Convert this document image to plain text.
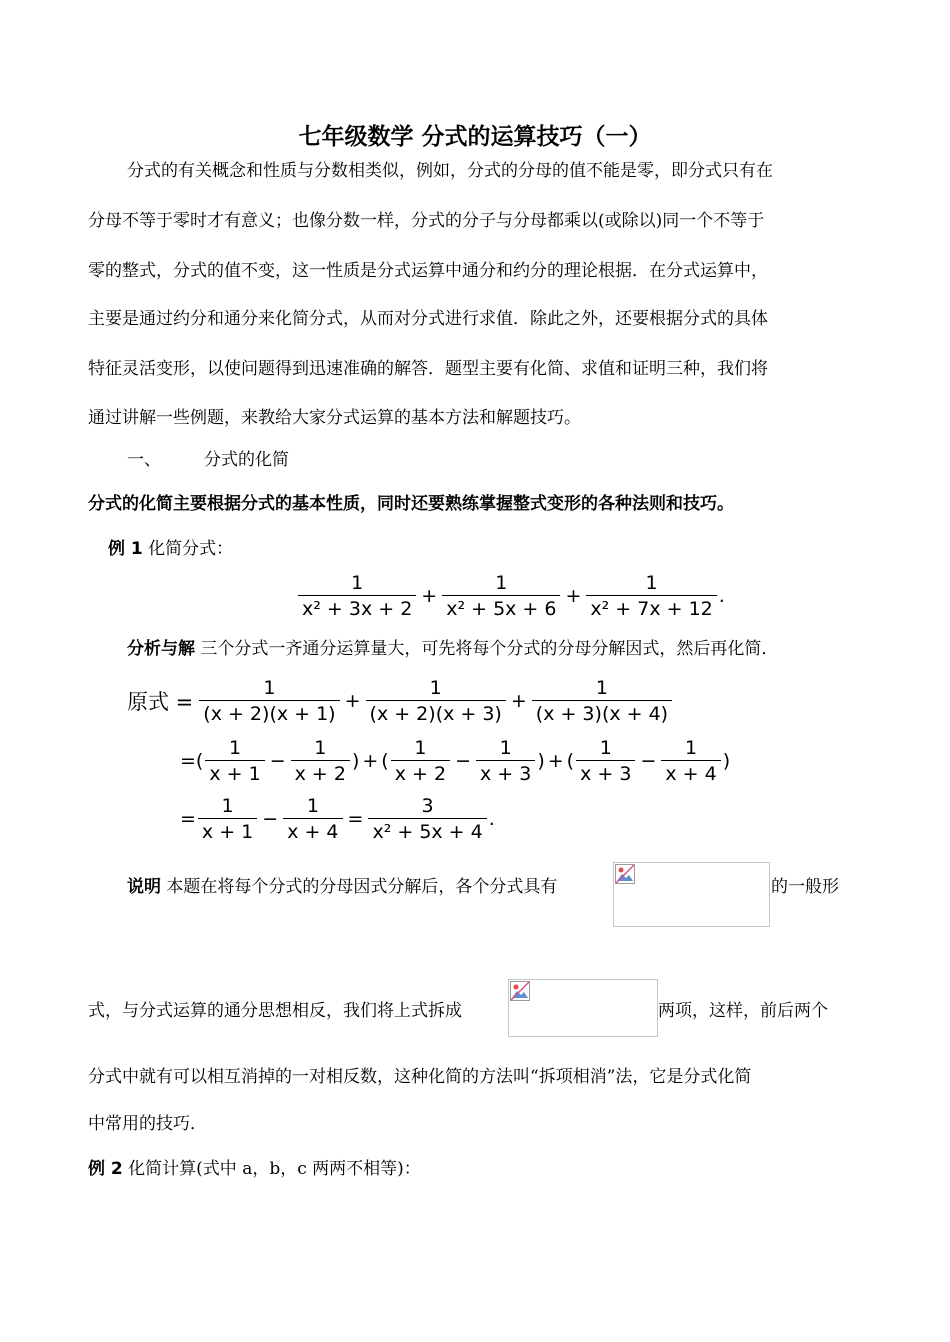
七年级数学 分式的运算技巧（一）
分式的有关概念和性质与分数相类似，例如，分式的分母的值不能是零，即分式只有在
分母不等于零时才有意义；也像分数一样，分式的分子与分母都乘以(或除以)同一个不等于
零的整式，分式的值不变，这一性质是分式运算中通分和约分的理论根据．在分式运算中，
主要是通过约分和通分来化简分式，从而对分式进行求值．除此之外，还要根据分式的具体
特征灵活变形，以使问题得到迅速准确的解答．题型主要有化简、求值和证明三种，我们将
通过讲解一些例题，来教给大家分式运算的基本方法和解题技巧。
一、	分式的化简
分式的化简主要根据分式的基本性质，同时还要熟练掌握整式变形的各种法则和技巧。
例 1 化简分式：
$\frac{1}{\text{x² + 3x + 2}} + \frac{1}{\text{x² + 5x + 6}} + \frac{1}{\text{x² + 7x + 12}}$ .
分析与解 三个分式一齐通分运算量大，可先将每个分式的分母分解因式，然后再化简．
原式 = $\frac{1}{(x + 2)(x + 1)} + \frac{1}{(x + 2)(x + 3)} + \frac{1}{(x + 3)(x + 4)}$
= ( $\frac{1}{x + 1} - \frac{1}{x + 2}$ ) + ( $\frac{1}{x + 2} - \frac{1}{x + 3}$ ) + ( $\frac{1}{x + 3} - \frac{1}{x + 4}$ )
= $\frac{1}{x + 1} - \frac{1}{x + 4} = \frac{3}{\text{x² + 5x + 4}}$ .
说明 本题在将每个分式的分母因式分解后，各个分式具有	的一般形
式，与分式运算的通分思想相反，我们将上式拆成	两项，这样，前后两个
分式中就有可以相互消掉的一对相反数，这种化简的方法叫“拆项相消”法，它是分式化简
中常用的技巧．
例 2 化简计算(式中 a，b，c 两两不相等)：
